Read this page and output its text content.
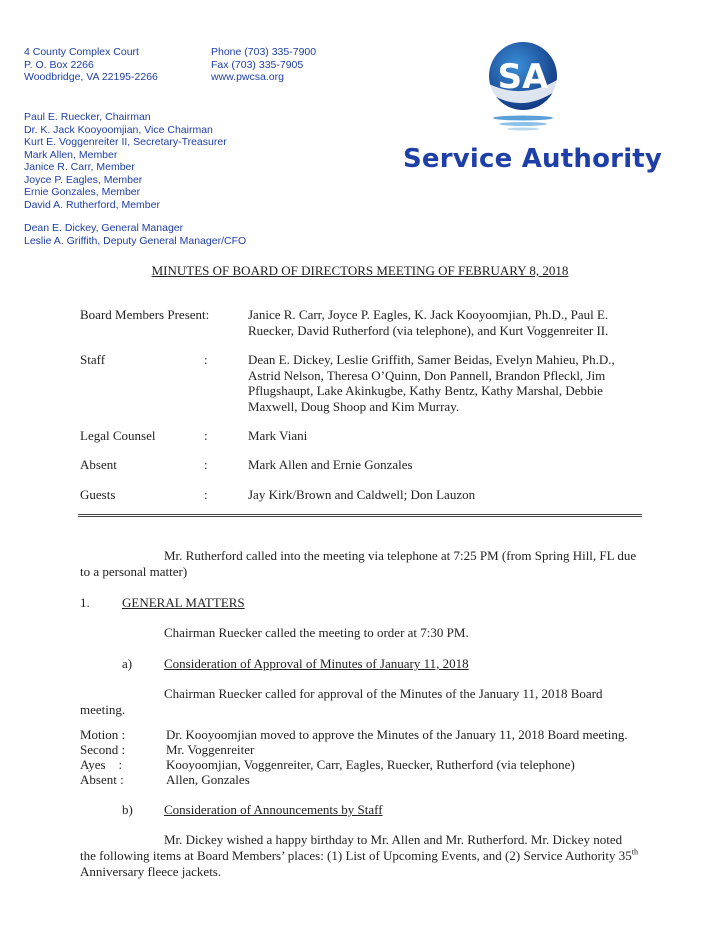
4 County Complex Court
P. O. Box 2266
Woodbridge, VA 22195-2266
Phone (703) 335-7900
Fax (703) 335-7905
www.pwcsa.org
Paul E. Ruecker, Chairman
Dr. K. Jack Kooyoomjian, Vice Chairman
Kurt E. Voggenreiter II, Secretary-Treasurer
Mark Allen, Member
Janice R. Carr, Member
Joyce P. Eagles, Member
Ernie Gonzales, Member
David A. Rutherford, Member
Dean E. Dickey, General Manager
Leslie A. Griffith, Deputy General Manager/CFO
SA
Service Authority
MINUTES OF BOARD OF DIRECTORS MEETING OF FEBRUARY 8, 2018
Board Members Present:	Janice R. Carr, Joyce P. Eagles, K. Jack Kooyoomjian, Ph.D., Paul E. Ruecker, David Rutherford (via telephone), and Kurt Voggenreiter II.
Staff	:	Dean E. Dickey, Leslie Griffith, Samer Beidas, Evelyn Mahieu, Ph.D., Astrid Nelson, Theresa O’Quinn, Don Pannell, Brandon Pfleckl, Jim Pflugshaupt, Lake Akinkugbe, Kathy Bentz, Kathy Marshal, Debbie Maxwell, Doug Shoop and Kim Murray.
Legal Counsel	:	Mark Viani
Absent	:	Mark Allen and Ernie Gonzales
Guests	:	Jay Kirk/Brown and Caldwell; Don Lauzon
Mr. Rutherford called into the meeting via telephone at 7:25 PM (from Spring Hill, FL due
to a personal matter)
1. GENERAL MATTERS
Chairman Ruecker called the meeting to order at 7:30 PM.
a) Consideration of Approval of Minutes of January 11, 2018
Chairman Ruecker called for approval of the Minutes of the January 11, 2018 Board
meeting.
Motion :	Dr. Kooyoomjian moved to approve the Minutes of the January 11, 2018 Board meeting.
Second :	Mr. Voggenreiter
Ayes    :	Kooyoomjian, Voggenreiter, Carr, Eagles, Ruecker, Rutherford (via telephone)
Absent :	Allen, Gonzales
b) Consideration of Announcements by Staff
Mr. Dickey wished a happy birthday to Mr. Allen and Mr. Rutherford. Mr. Dickey noted
the following items at Board Members’ places: (1) List of Upcoming Events, and (2) Service Authority 35th
Anniversary fleece jackets.
